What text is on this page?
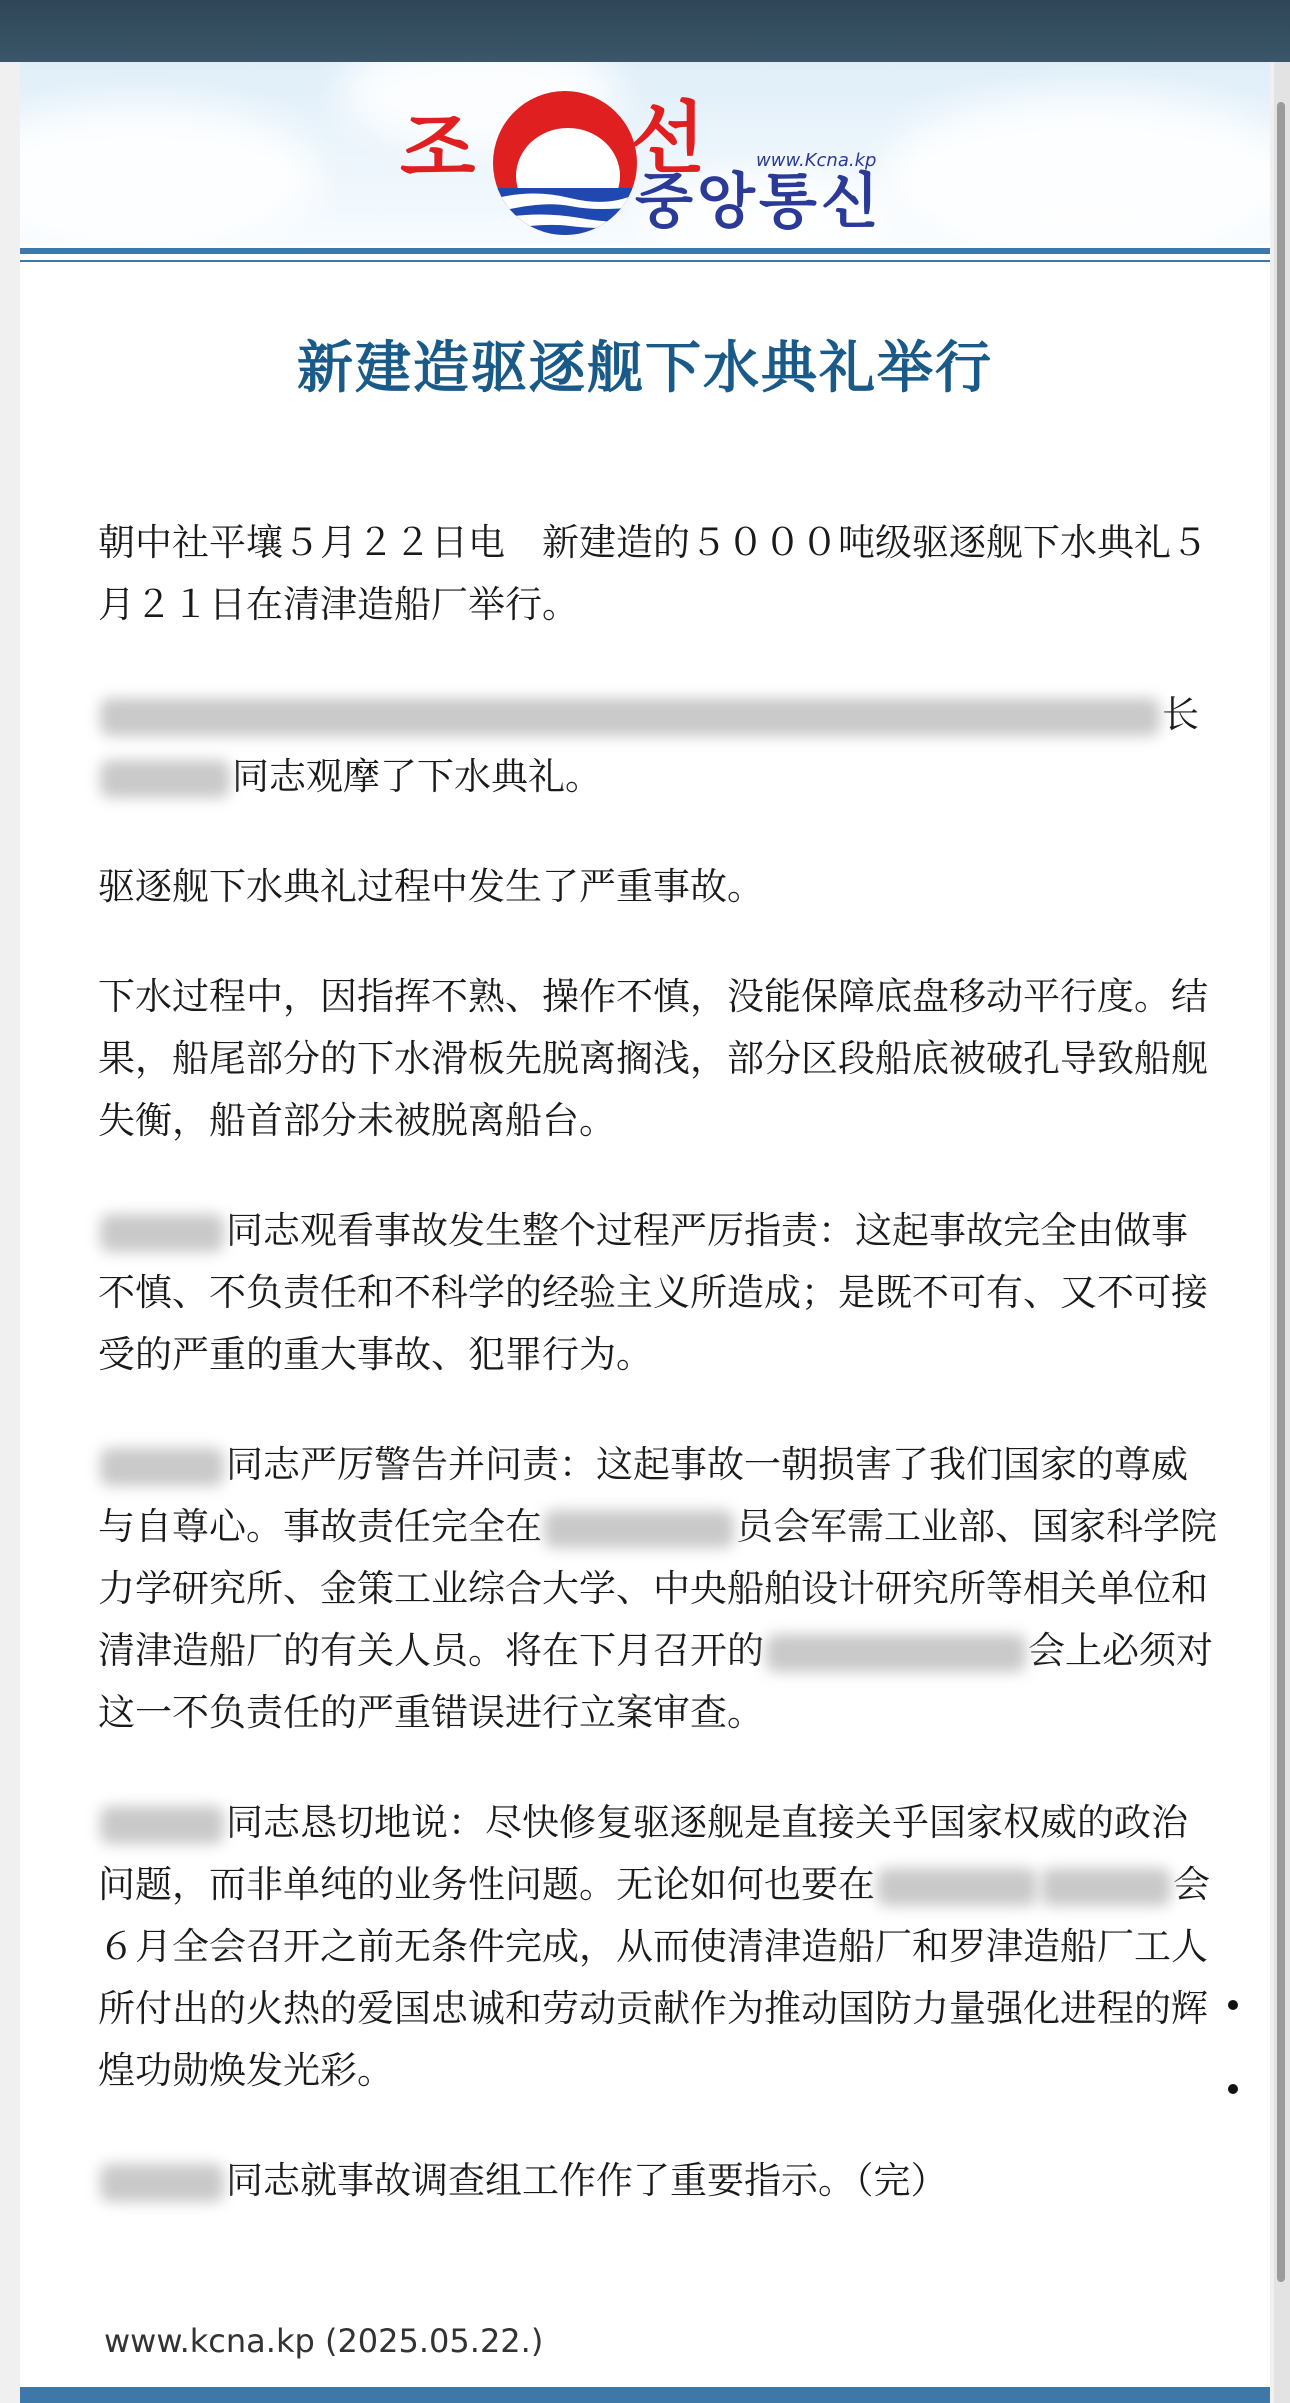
조 선	www.Kcna.kp
중앙통신
新建造驱逐舰下水典礼举行

朝中社平壤５月２２日电　新建造的５０００吨级驱逐舰下水典礼５月２１日在清津造船厂举行。

长
同志观摩了下水典礼。

驱逐舰下水典礼过程中发生了严重事故。

下水过程中，因指挥不熟、操作不慎，没能保障底盘移动平行度。结果，船尾部分的下水滑板先脱离搁浅，部分区段船底被破孔导致船舰失衡，船首部分未被脱离船台。

同志观看事故发生整个过程严厉指责：这起事故完全由做事不慎、不负责任和不科学的经验主义所造成；是既不可有、又不可接受的严重的重大事故、犯罪行为。

同志严厉警告并问责：这起事故一朝损害了我们国家的尊威与自尊心。事故责任完全在	员会军需工业部、国家科学院力学研究所、金策工业综合大学、中央船舶设计研究所等相关单位和清津造船厂的有关人员。将在下月召开的	会上必须对这一不负责任的严重错误进行立案审查。

同志恳切地说：尽快修复驱逐舰是直接关乎国家权威的政治问题，而非单纯的业务性问题。无论如何也要在	会６月全会召开之前无条件完成，从而使清津造船厂和罗津造船厂工人所付出的火热的爱国忠诚和劳动贡献作为推动国防力量强化进程的辉煌功勋焕发光彩。

同志就事故调查组工作作了重要指示。（完）

www.kcna.kp (2025.05.22.)
